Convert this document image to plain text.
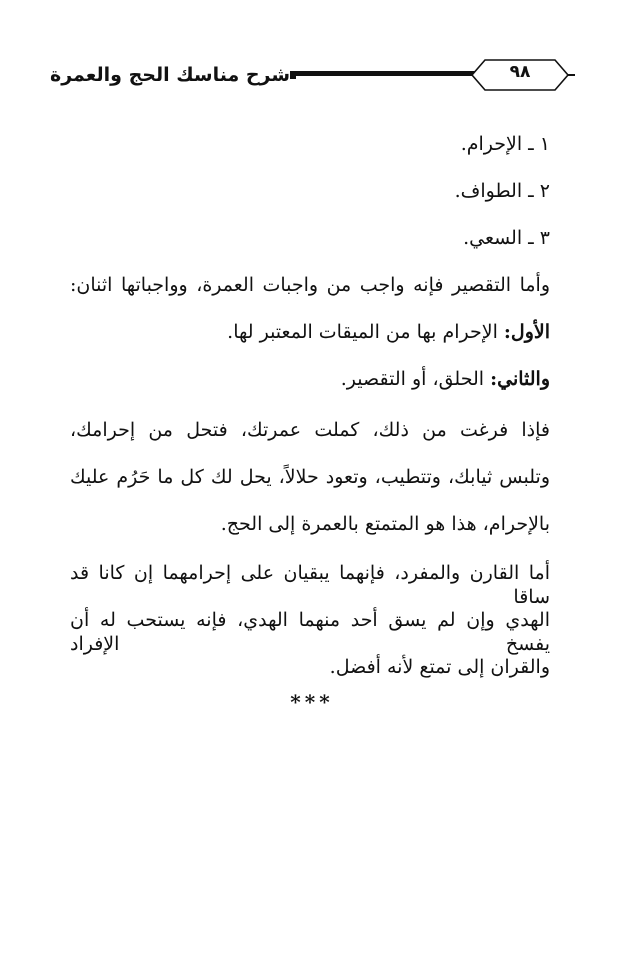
شرح مناسك الحج والعمرة	٩٨
١ ـ الإحرام.
٢ ـ الطواف.
٣ ـ السعي.
وأما التقصير فإنه واجب من واجبات العمرة، وواجباتها اثنان:
الأول: الإحرام بها من الميقات المعتبر لها.
والثاني: الحلق، أو التقصير.
فإذا فرغت من ذلك، كملت عمرتك، فتحل من إحرامك،
وتلبس ثيابك، وتتطيب، وتعود حلالاً، يحل لك كل ما حَرُم عليك
بالإحرام، هذا هو المتمتع بالعمرة إلى الحج.
أما القارن والمفرد، فإنهما يبقيان على إحرامهما إن كانا قد ساقا
الهدي وإن لم يسق أحد منهما الهدي، فإنه يستحب له أن يفسخ الإفراد
والقران إلى تمتع لأنه أفضل.
***
